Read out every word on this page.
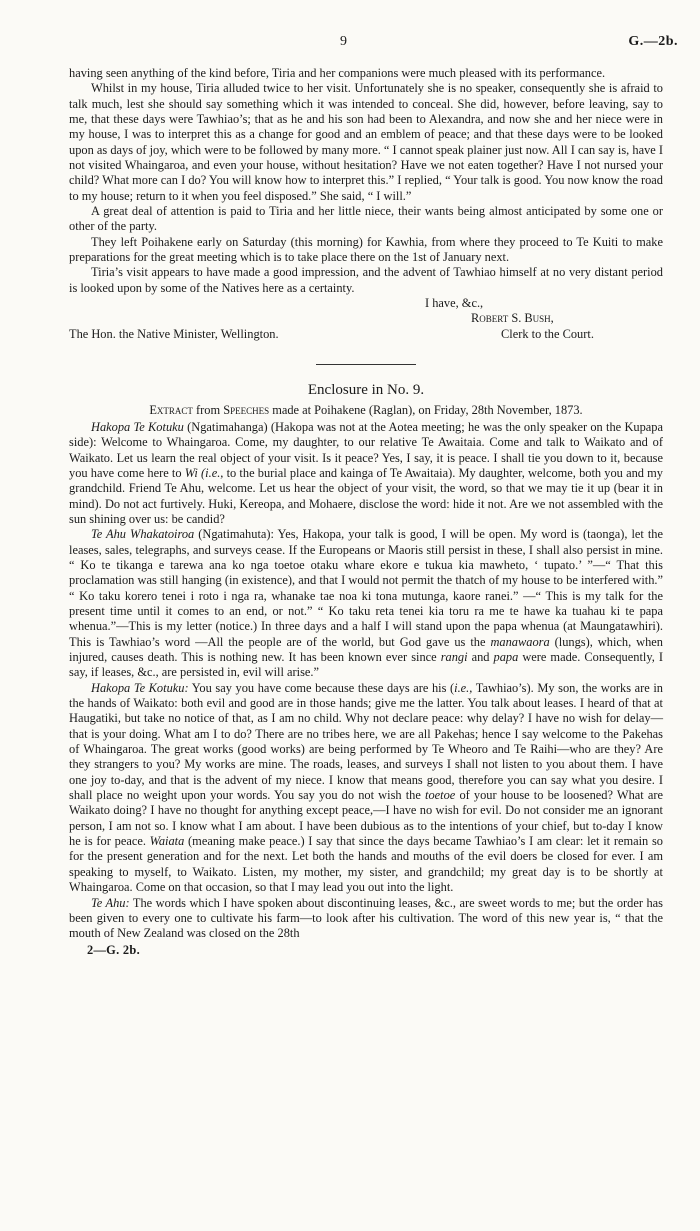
9	G.—2b.

having seen anything of the kind before, Tiria and her companions were much pleased with its performance.

Whilst in my house, Tiria alluded twice to her visit. Unfortunately she is no speaker, consequently she is afraid to talk much, lest she should say something which it was intended to conceal. She did, however, before leaving, say to me, that these days were Tawhiao’s; that as he and his son had been to Alexandra, and now she and her niece were in my house, I was to interpret this as a change for good and an emblem of peace; and that these days were to be looked upon as days of joy, which were to be followed by many more. “ I cannot speak plainer just now. All I can say is, have I not visited Whaingaroa, and even your house, without hesitation? Have we not eaten together? Have I not nursed your child? What more can I do? You will know how to interpret this.” I replied, “ Your talk is good. You now know the road to my house; return to it when you feel disposed.” She said, “ I will.”

A great deal of attention is paid to Tiria and her little niece, their wants being almost anticipated by some one or other of the party.

They left Poihakene early on Saturday (this morning) for Kawhia, from where they proceed to Te Kuiti to make preparations for the great meeting which is to take place there on the 1st of January next.

Tiria’s visit appears to have made a good impression, and the advent of Tawhiao himself at no very distant period is looked upon by some of the Natives here as a certainty.

I have, &c.,
Robert S. Bush,
The Hon. the Native Minister, Wellington.	Clerk to the Court.
Enclosure in No. 9.
Extract from Speeches made at Poihakene (Raglan), on Friday, 28th November, 1873.

Hakopa Te Kotuku (Ngatimahanga) (Hakopa was not at the Aotea meeting; he was the only speaker on the Kupapa side): Welcome to Whaingaroa. Come, my daughter, to our relative Te Awaitaia. Come and talk to Waikato and of Waikato. Let us learn the real object of your visit. Is it peace? Yes, I say, it is peace. I shall tie you down to it, because you have come here to Wi (i.e., to the burial place and kainga of Te Awaitaia). My daughter, welcome, both you and my grandchild. Friend Te Ahu, welcome. Let us hear the object of your visit, the word, so that we may tie it up (bear it in mind). Do not act furtively. Huki, Kereopa, and Mohaere, disclose the word: hide it not. Are we not assembled with the sun shining over us: be candid?

Te Ahu Whakatoiroa (Ngatimahuta): Yes, Hakopa, your talk is good, I will be open. My word is (taonga), let the leases, sales, telegraphs, and surveys cease. If the Europeans or Maoris still persist in these, I shall also persist in mine. “ Ko te tikanga e tarewa ana ko nga toetoe otaku whare ekore e tukua kia mawheto, ‘ tupato.’ ”—“ That this proclamation was still hanging (in existence), and that I would not permit the thatch of my house to be interfered with.” “ Ko taku korero tenei i roto i nga ra, whanake tae noa ki tona mutunga, kaore ranei.” —“ This is my talk for the present time until it comes to an end, or not.” “ Ko taku reta tenei kia toru ra me te hawe ka tuahau ki te papa whenua.”—This is my letter (notice.) In three days and a half I will stand upon the papa whenua (at Maungatawhiri). This is Tawhiao’s word —All the people are of the world, but God gave us the manawaora (lungs), which, when injured, causes death. This is nothing new. It has been known ever since rangi and papa were made. Consequently, I say, if leases, &c., are persisted in, evil will arise.”

Hakopa Te Kotuku: You say you have come because these days are his (i.e., Tawhiao’s). My son, the works are in the hands of Waikato: both evil and good are in those hands; give me the latter. You talk about leases. I heard of that at Haugatiki, but take no notice of that, as I am no child. Why not declare peace: why delay? I have no wish for delay—that is your doing. What am I to do? There are no tribes here, we are all Pakehas; hence I say welcome to the Pakehas of Whaingaroa. The great works (good works) are being performed by Te Wheoro and Te Raihi—who are they? Are they strangers to you? My works are mine. The roads, leases, and surveys I shall not listen to you about them. I have one joy to-day, and that is the advent of my niece. I know that means good, therefore you can say what you desire. I shall place no weight upon your words. You say you do not wish the toetoe of your house to be loosened? What are Waikato doing? I have no thought for anything except peace,—I have no wish for evil. Do not consider me an ignorant person, I am not so. I know what I am about. I have been dubious as to the intentions of your chief, but to-day I know he is for peace. Waiata (meaning make peace.) I say that since the days became Tawhiao’s I am clear: let it remain so for the present generation and for the next. Let both the hands and mouths of the evil doers be closed for ever. I am speaking to myself, to Waikato. Listen, my mother, my sister, and grandchild; my great day is to be shortly at Whaingaroa. Come on that occasion, so that I may lead you out into the light.

Te Ahu: The words which I have spoken about discontinuing leases, &c., are sweet words to me; but the order has been given to every one to cultivate his farm—to look after his cultivation. The word of this new year is, “ that the mouth of New Zealand was closed on the 28th

2—G. 2b.
